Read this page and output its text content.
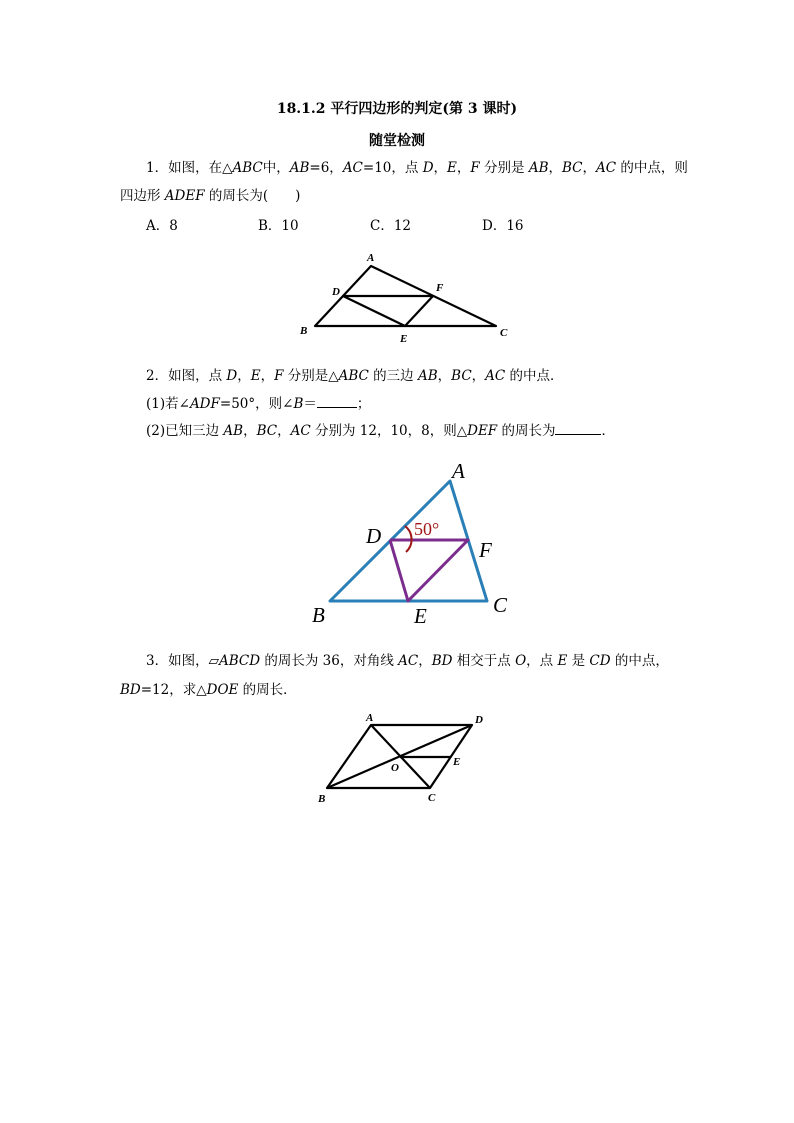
18.1.2 平行四边形的判定(第 3 课时)
随堂检测
1．如图，在△ABC中，AB=6，AC=10，点 D，E，F 分别是 AB，BC，AC 的中点，则
四边形 ADEF 的周长为(　　)
A．8	B．10	C．12	D．16
A
B	C
D
E
F
2．如图，点 D，E，F 分别是△ABC 的三边 AB，BC，AC 的中点．
(1)若∠ADF=50°，则∠B＝	；
(2)已知三边 AB，BC，AC 分别为 12，10，8，则△DEF 的周长为	．
50°
A
B	C
D
E
F
3．如图，▱ABCD 的周长为 36，对角线 AC，BD 相交于点 O，点 E 是 CD 的中点，
BD=12，求△DOE 的周长．
A
B	C
D
O	E
